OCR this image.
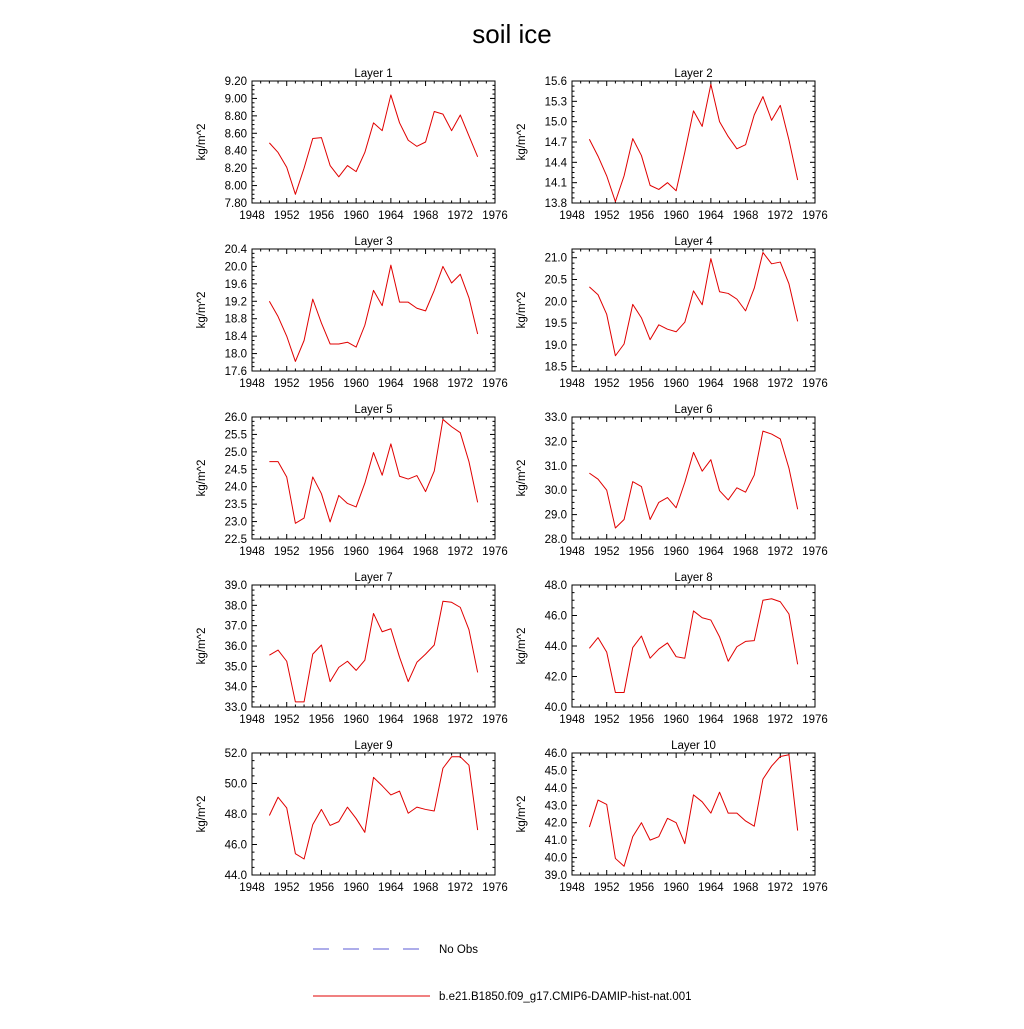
soil ice
Layer 1
kg/m^2
1948 1952 1956 1960 1964 1968 1972 1976
7.80
8.00
8.20
8.40
8.60
8.80
9.00
9.20
Layer 2
kg/m^2
1948 1952 1956 1960 1964 1968 1972 1976
13.8
14.1
14.4
14.7
15.0
15.3
15.6
Layer 3
kg/m^2
1948 1952 1956 1960 1964 1968 1972 1976
17.6
18.0
18.4
18.8
19.2
19.6
20.0
20.4
Layer 4
kg/m^2
1948 1952 1956 1960 1964 1968 1972 1976
18.5
19.0
19.5
20.0
20.5
21.0
Layer 5
kg/m^2
1948 1952 1956 1960 1964 1968 1972 1976
22.5
23.0
23.5
24.0
24.5
25.0
25.5
26.0
Layer 6
kg/m^2
1948 1952 1956 1960 1964 1968 1972 1976
28.0
29.0
30.0
31.0
32.0
33.0
Layer 7
kg/m^2
1948 1952 1956 1960 1964 1968 1972 1976
33.0
34.0
35.0
36.0
37.0
38.0
39.0
Layer 8
kg/m^2
1948 1952 1956 1960 1964 1968 1972 1976
40.0
42.0
44.0
46.0
48.0
Layer 9
kg/m^2
1948 1952 1956 1960 1964 1968 1972 1976
44.0
46.0
48.0
50.0
52.0
Layer 10
kg/m^2
1948 1952 1956 1960 1964 1968 1972 1976
39.0
40.0
41.0
42.0
43.0
44.0
45.0
46.0
No Obs
b.e21.B1850.f09_g17.CMIP6-DAMIP-hist-nat.001
